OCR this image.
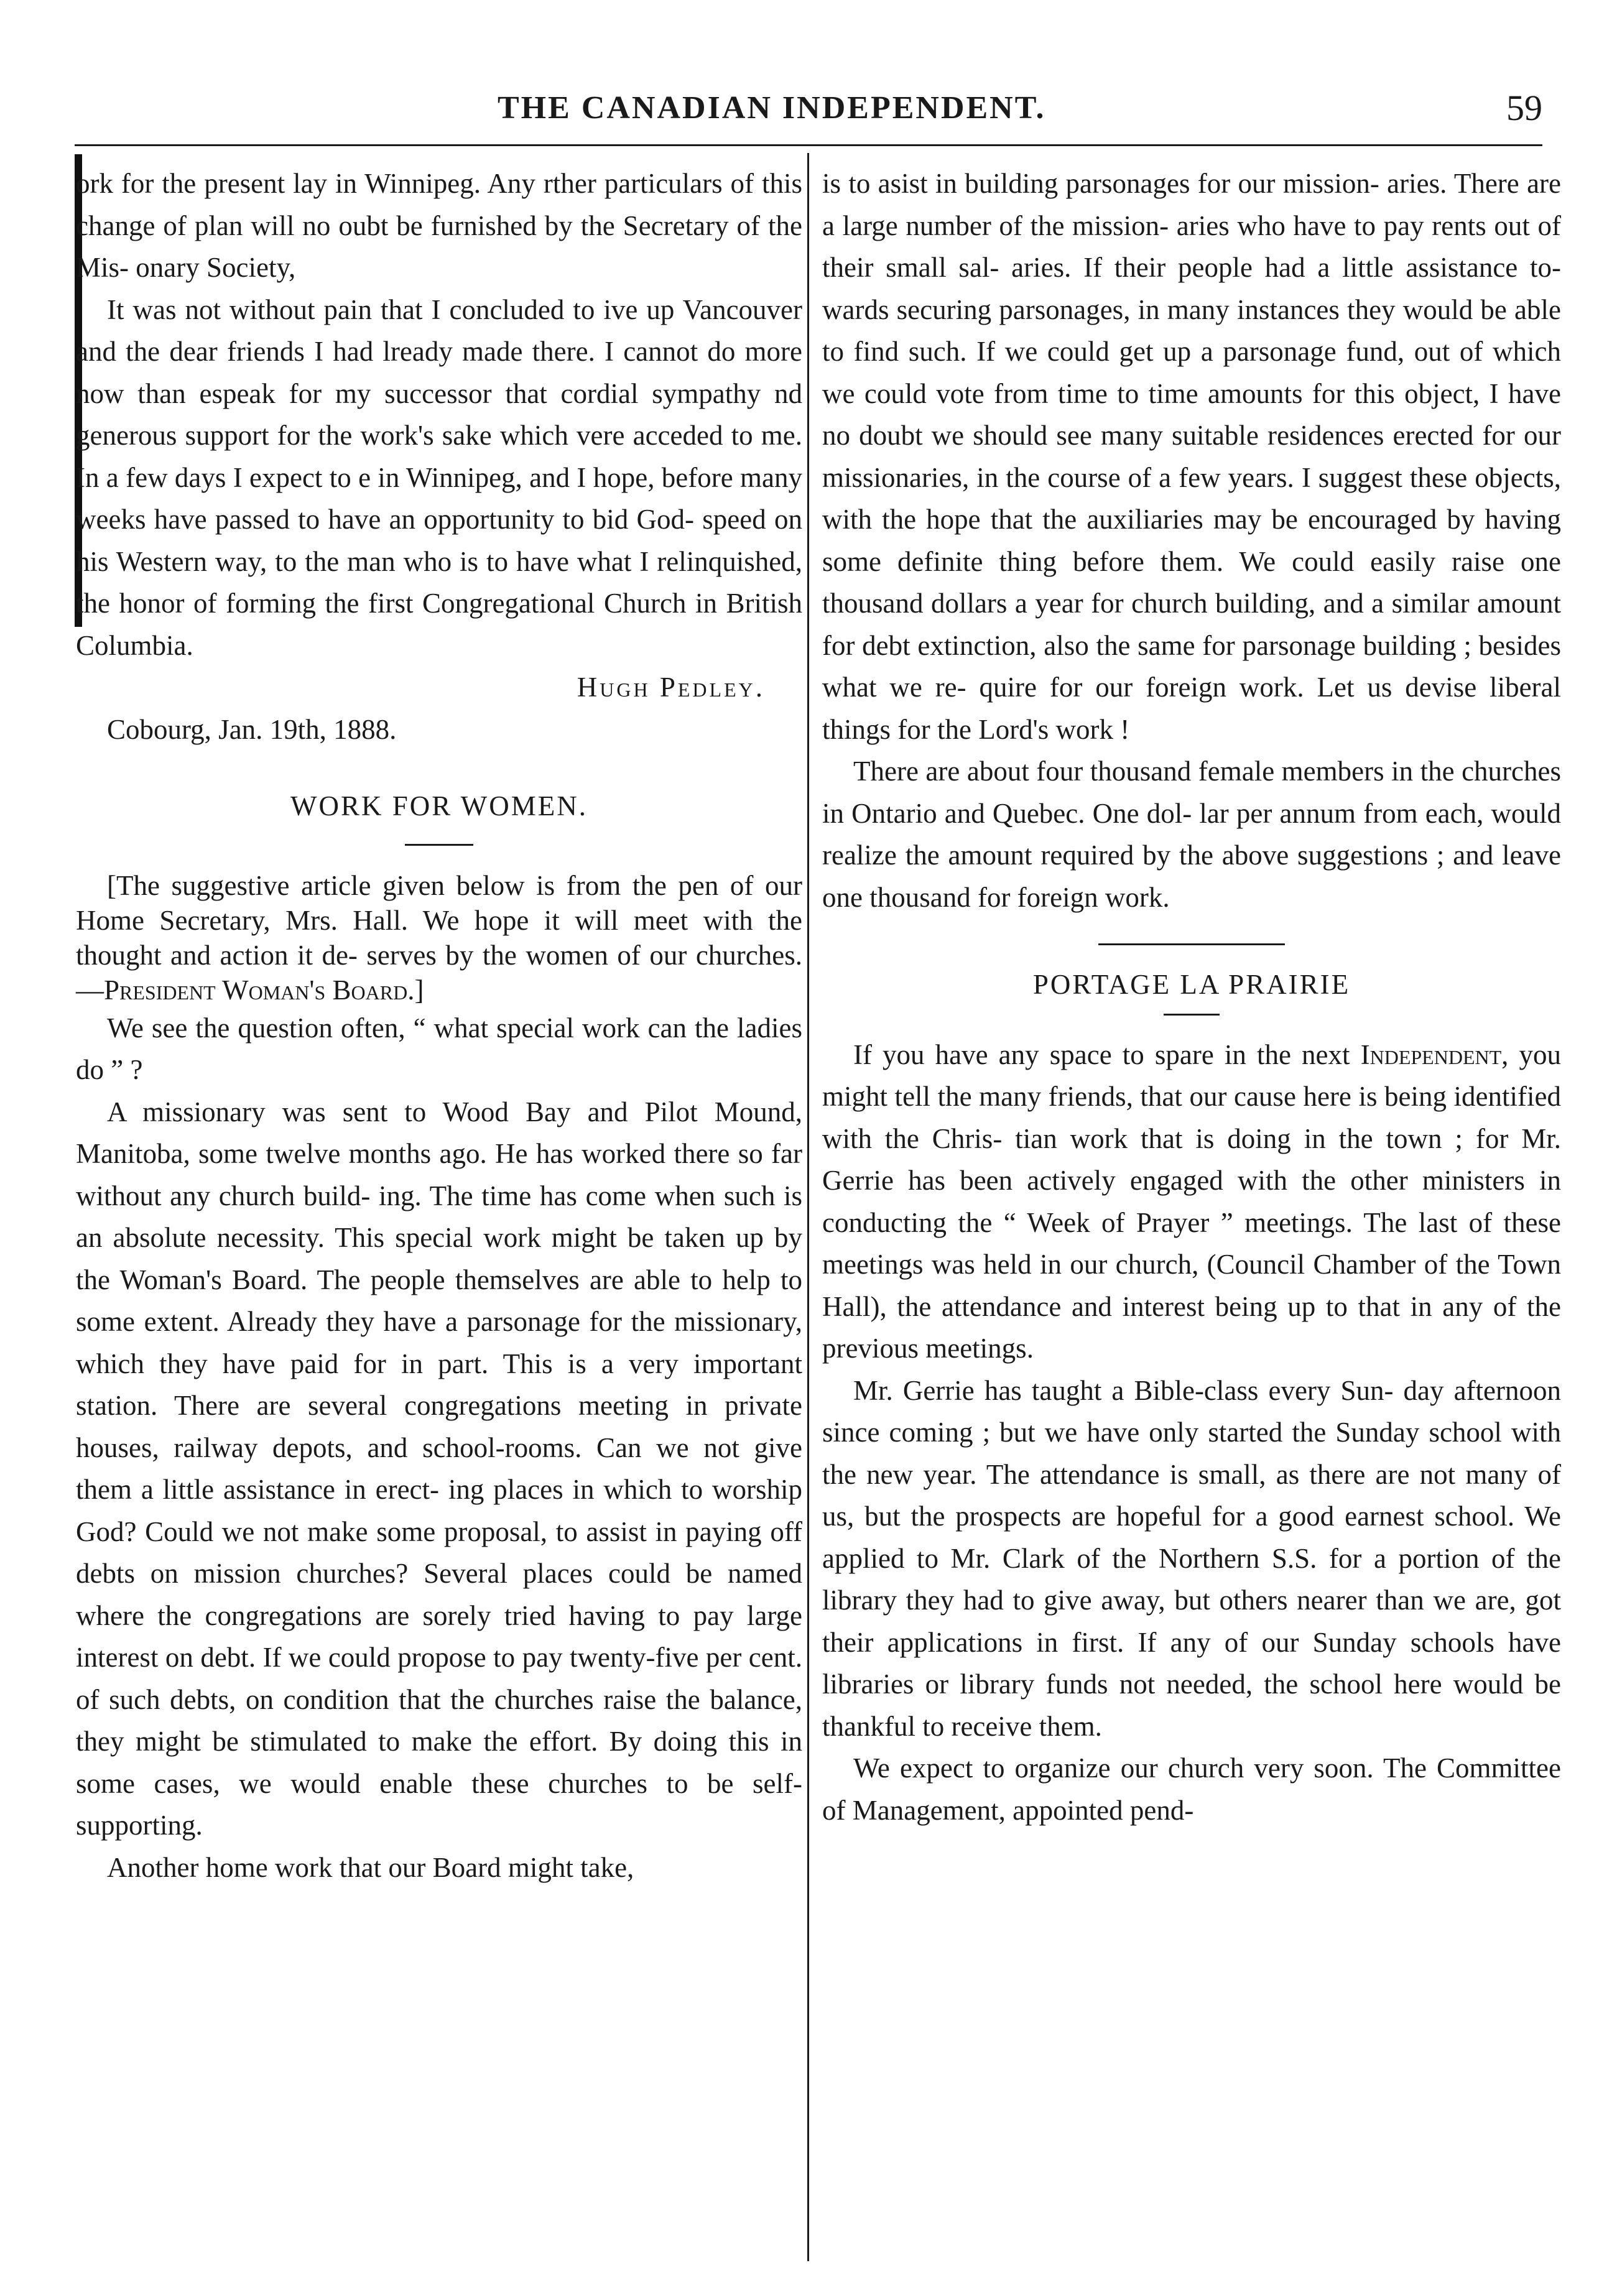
THE CANADIAN INDEPENDENT.	59

ork for the present lay in Winnipeg. Any rther particulars of this change of plan will no oubt be furnished by the Secretary of the Mis- onary Society,

It was not without pain that I concluded to ive up Vancouver and the dear friends I had lready made there. I cannot do more now than espeak for my successor that cordial sympathy nd generous support for the work's sake which vere acceded to me. In a few days I expect to e in Winnipeg, and I hope, before many weeks have passed to have an opportunity to bid God- speed on his Western way, to the man who is to have what I relinquished, the honor of forming the first Congregational Church in British Columbia.

Hugh Pedley.

Cobourg, Jan. 19th, 1888.

WORK FOR WOMEN.

[The suggestive article given below is from the pen of our Home Secretary, Mrs. Hall. We hope it will meet with the thought and action it de- serves by the women of our churches.—President Woman's Board.]

We see the question often, “ what special work can the ladies do ” ?

A missionary was sent to Wood Bay and Pilot Mound, Manitoba, some twelve months ago. He has worked there so far without any church build- ing. The time has come when such is an absolute necessity. This special work might be taken up by the Woman's Board. The people themselves are able to help to some extent. Already they have a parsonage for the missionary, which they have paid for in part. This is a very important station. There are several congregations meeting in private houses, railway depots, and school-rooms. Can we not give them a little assistance in erect- ing places in which to worship God? Could we not make some proposal, to assist in paying off debts on mission churches? Several places could be named where the congregations are sorely tried having to pay large interest on debt. If we could propose to pay twenty-five per cent. of such debts, on condition that the churches raise the balance, they might be stimulated to make the effort. By doing this in some cases, we would enable these churches to be self-supporting.

Another home work that our Board might take,

is to asist in building parsonages for our mission- aries. There are a large number of the mission- aries who have to pay rents out of their small sal- aries. If their people had a little assistance to- wards securing parsonages, in many instances they would be able to find such. If we could get up a parsonage fund, out of which we could vote from time to time amounts for this object, I have no doubt we should see many suitable residences erected for our missionaries, in the course of a few years. I suggest these objects, with the hope that the auxiliaries may be encouraged by having some definite thing before them. We could easily raise one thousand dollars a year for church building, and a similar amount for debt extinction, also the same for parsonage building ; besides what we re- quire for our foreign work. Let us devise liberal things for the Lord's work !

There are about four thousand female members in the churches in Ontario and Quebec. One dol- lar per annum from each, would realize the amount required by the above suggestions ; and leave one thousand for foreign work.

PORTAGE LA PRAIRIE

If you have any space to spare in the next Independent, you might tell the many friends, that our cause here is being identified with the Chris- tian work that is doing in the town ; for Mr. Gerrie has been actively engaged with the other ministers in conducting the “ Week of Prayer ” meetings. The last of these meetings was held in our church, (Council Chamber of the Town Hall), the attendance and interest being up to that in any of the previous meetings.

Mr. Gerrie has taught a Bible-class every Sun- day afternoon since coming ; but we have only started the Sunday school with the new year. The attendance is small, as there are not many of us, but the prospects are hopeful for a good earnest school. We applied to Mr. Clark of the Northern S.S. for a portion of the library they had to give away, but others nearer than we are, got their applications in first. If any of our Sunday schools have libraries or library funds not needed, the school here would be thankful to receive them.

We expect to organize our church very soon. The Committee of Management, appointed pend-
